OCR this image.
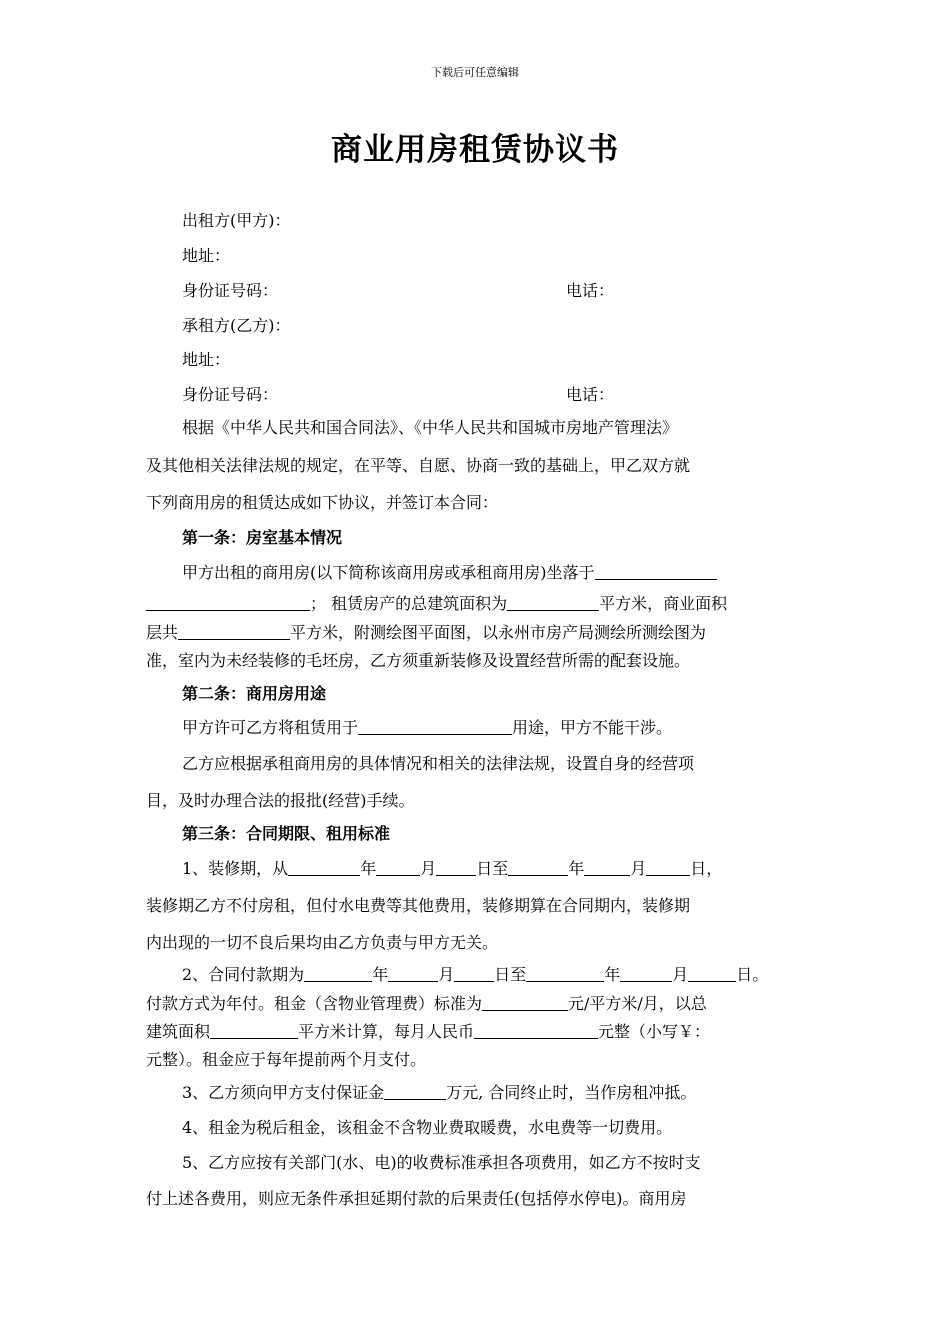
下载后可任意编辑
商业用房租赁协议书
出租方(甲方)：
地址：
身份证号码：	电话：
承租方(乙方)：
地址：
身份证号码：	电话：
根据《中华人民共和国合同法》、《中华人民共和国城市房地产管理法》
及其他相关法律法规的规定，在平等、自愿、协商一致的基础上，甲乙双方就
下列商用房的租赁达成如下协议，并签订本合同：
第一条：房室基本情况
甲方出租的商用房(以下简称该商用房或承租商用房)坐落于
； 租赁房产的总建筑面积为	平方米，商业面积
层共	平方米，附测绘图平面图，以永州市房产局测绘所测绘图为
准，室内为未经装修的毛坯房，乙方须重新装修及设置经营所需的配套设施。
第二条：商用房用途
甲方许可乙方将租赁用于	用途，甲方不能干涉。
乙方应根据承租商用房的具体情况和相关的法律法规，设置自身的经营项
目，及时办理合法的报批(经营)手续。
第三条：合同期限、租用标准
1、装修期，从	年	月	日至	年	月	日，
装修期乙方不付房租，但付水电费等其他费用，装修期算在合同期内，装修期
内出现的一切不良后果均由乙方负责与甲方无关。
2、合同付款期为	年	月	日至	年	月	日。
付款方式为年付。租金（含物业管理费）标准为	元/平方米/月，以总
建筑面积	平方米计算，每月人民币	元整（小写￥：
元整）。租金应于每年提前两个月支付。
3、乙方须向甲方支付保证金	万元, 合同终止时，当作房租冲抵。
4、租金为税后租金，该租金不含物业费取暖费，水电费等一切费用。
5、乙方应按有关部门(水、电)的收费标准承担各项费用，如乙方不按时支
付上述各费用，则应无条件承担延期付款的后果责任(包括停水停电)。商用房
